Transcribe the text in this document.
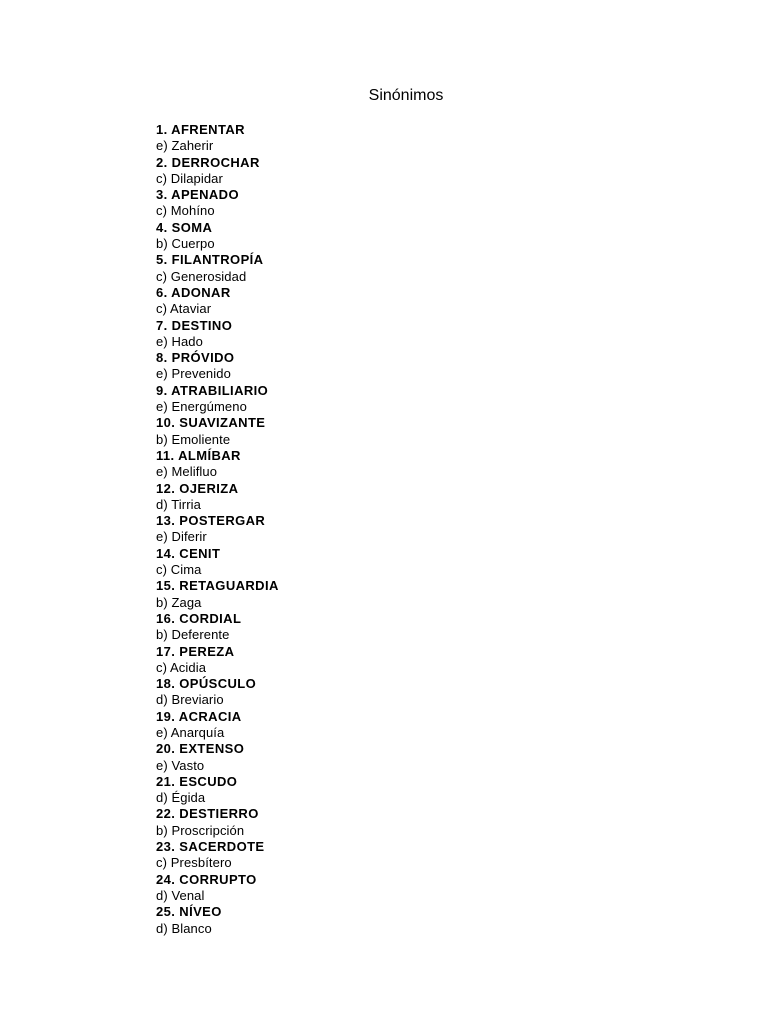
Sinónimos
1. AFRENTAR
e) Zaherir
2. DERROCHAR
c) Dilapidar
3. APENADO
c) Mohíno
4. SOMA
b) Cuerpo
5. FILANTROPÍA
c) Generosidad
6. ADONAR
c) Ataviar
7. DESTINO
e) Hado
8. PRÓVIDO
e) Prevenido
9. ATRABILIARIO
e) Energúmeno
10. SUAVIZANTE
b) Emoliente
11. ALMÍBAR
e) Melifluo
12. OJERIZA
d) Tirria
13. POSTERGAR
e) Diferir
14. CENIT
c) Cima
15. RETAGUARDIA
b) Zaga
16. CORDIAL
b) Deferente
17. PEREZA
c) Acidia
18. OPÚSCULO
d) Breviario
19. ACRACIA
e) Anarquía
20. EXTENSO
e) Vasto
21. ESCUDO
d) Égida
22. DESTIERRO
b) Proscripción
23. SACERDOTE
c) Presbítero
24. CORRUPTO
d) Venal
25. NÍVEO
d) Blanco
